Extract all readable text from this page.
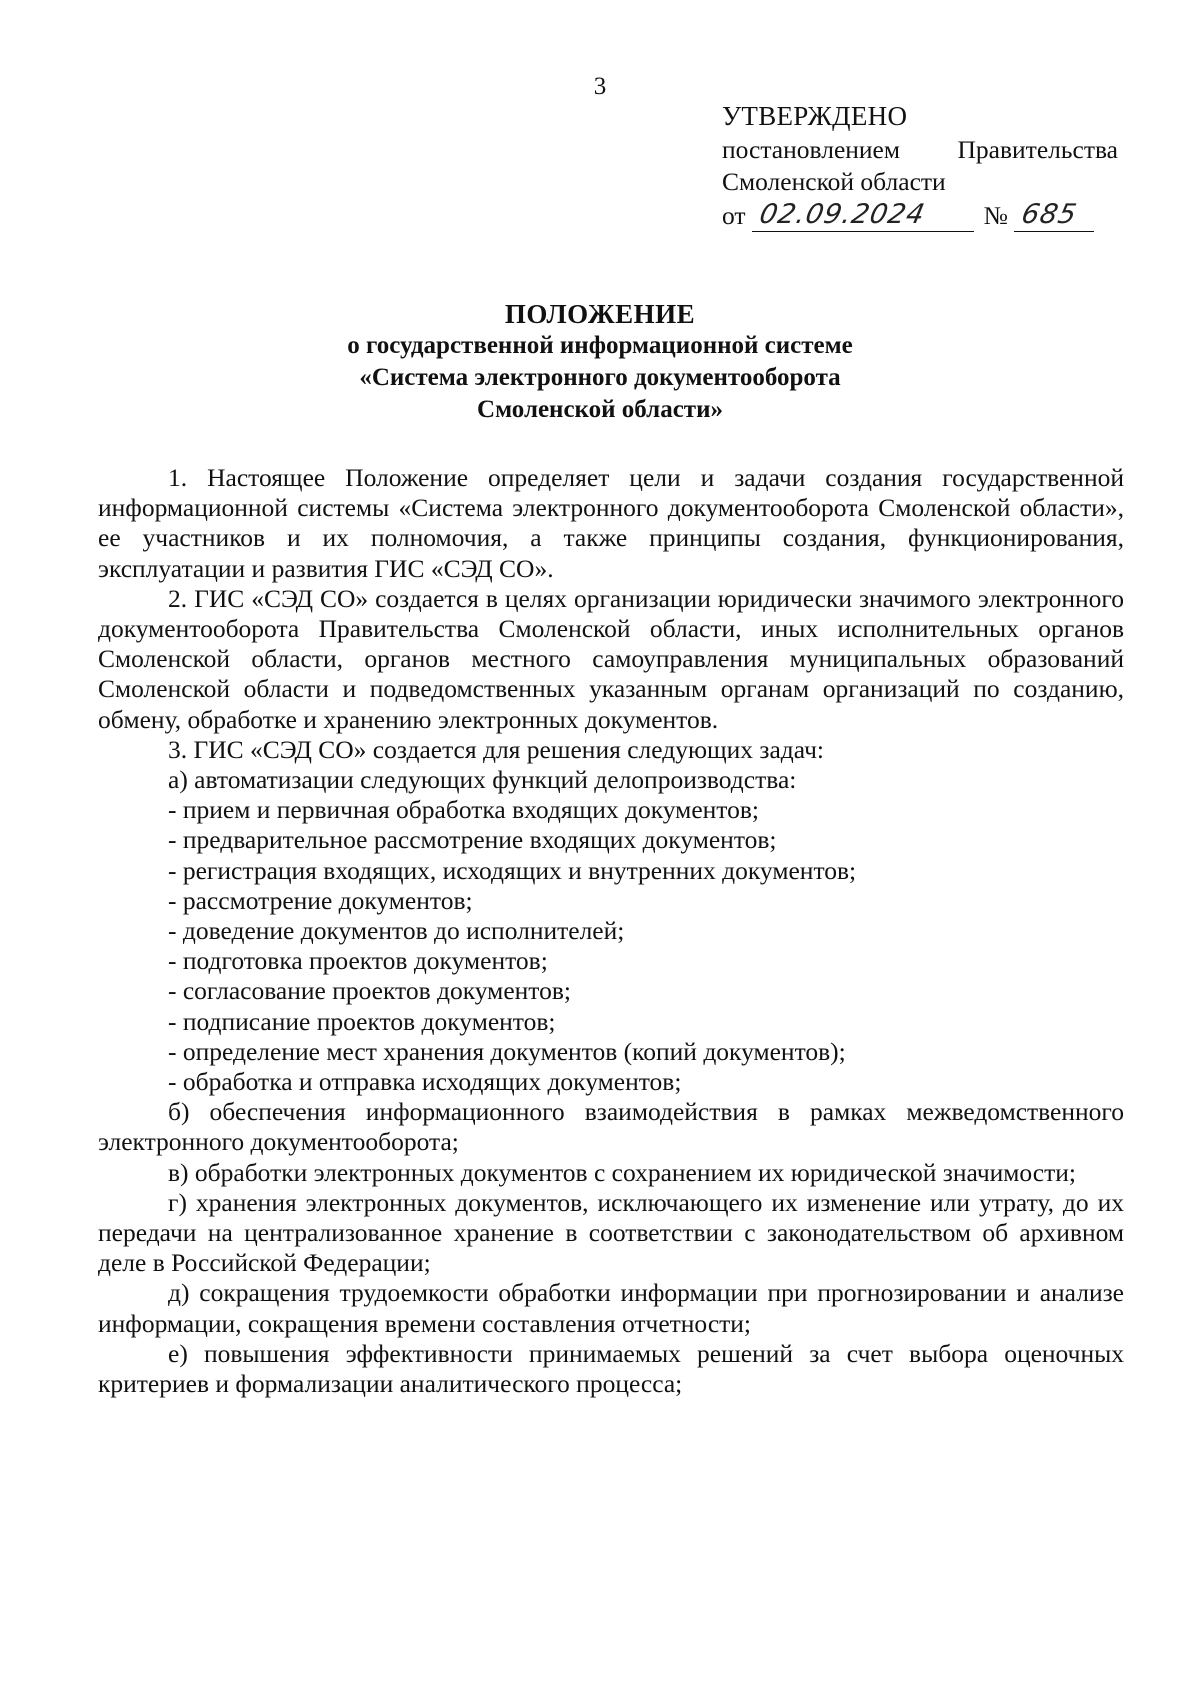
3
УТВЕРЖДЕНО
постановлением Правительства
Смоленской области
от 02.09.2024 № 685
ПОЛОЖЕНИЕ
о государственной информационной системе
«Система электронного документооборота
Смоленской области»

1. Настоящее Положение определяет цели и задачи создания государственной информационной системы «Система электронного документооборота Смоленской области», ее участников и их полномочия, а также принципы создания, функционирования, эксплуатации и развития ГИС «СЭД СО».

2. ГИС «СЭД СО» создается в целях организации юридически значимого электронного документооборота Правительства Смоленской области, иных исполнительных органов Смоленской области, органов местного самоуправления муниципальных образований Смоленской области и подведомственных указанным органам организаций по созданию, обмену, обработке и хранению электронных документов.

3. ГИС «СЭД СО» создается для решения следующих задач:

а) автоматизации следующих функций делопроизводства:

- прием и первичная обработка входящих документов;

- предварительное рассмотрение входящих документов;

- регистрация входящих, исходящих и внутренних документов;

- рассмотрение документов;

- доведение документов до исполнителей;

- подготовка проектов документов;

- согласование проектов документов;

- подписание проектов документов;

- определение мест хранения документов (копий документов);

- обработка и отправка исходящих документов;

б) обеспечения информационного взаимодействия в рамках межведомственного электронного документооборота;

в) обработки электронных документов с сохранением их юридической значимости;

г) хранения электронных документов, исключающего их изменение или утрату, до их передачи на централизованное хранение в соответствии с законодательством об архивном деле в Российской Федерации;

д) сокращения трудоемкости обработки информации при прогнозировании и анализе информации, сокращения времени составления отчетности;

е) повышения эффективности принимаемых решений за счет выбора оценочных критериев и формализации аналитического процесса;
